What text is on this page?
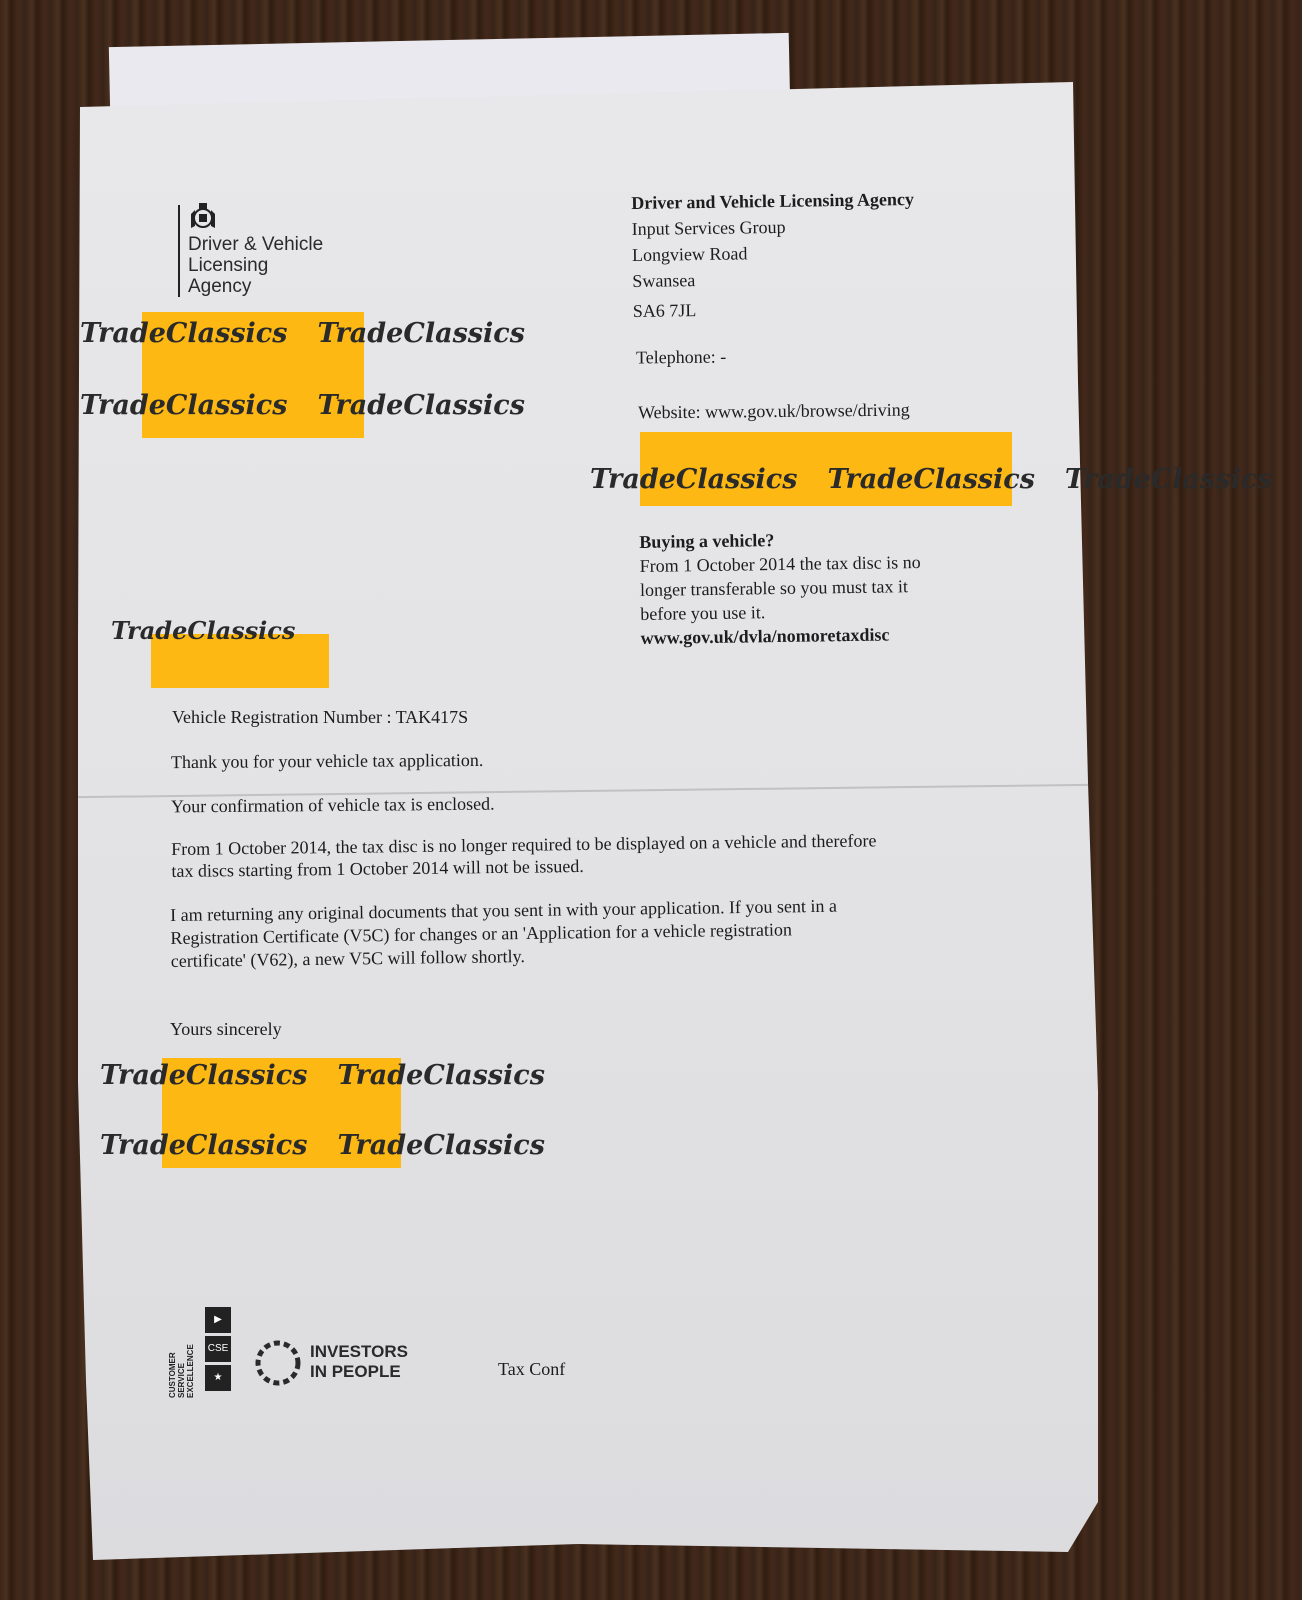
Driver & Vehicle
Licensing
Agency
Driver and Vehicle Licensing Agency
Input Services Group
Longview Road
Swansea
SA6 7JL
Telephone: -
Website: www.gov.uk/browse/driving
Buying a vehicle?
From 1 October 2014 the tax disc is no
longer transferable so you must tax it
before you use it.
www.gov.uk/dvla/nomoretaxdisc
TradeClassics TradeClassics
TradeClassics TradeClassics
TradeClassics TradeClassics TradeClassics
TradeClassics
TradeClassics TradeClassics
TradeClassics TradeClassics
Vehicle Registration Number : TAK417S
Thank you for your vehicle tax application.
Your confirmation of vehicle tax is enclosed.
From 1 October 2014, the tax disc is no longer required to be displayed on a vehicle and therefore
tax discs starting from 1 October 2014 will not be issued.
I am returning any original documents that you sent in with your application. If you sent in a
Registration Certificate (V5C) for changes or an 'Application for a vehicle registration
certificate' (V62), a new V5C will follow shortly.
Yours sincerely
CUSTOMER SERVICE EXCELLENCE
▶
CSE
★
INVESTORS
IN PEOPLE	Tax Conf
